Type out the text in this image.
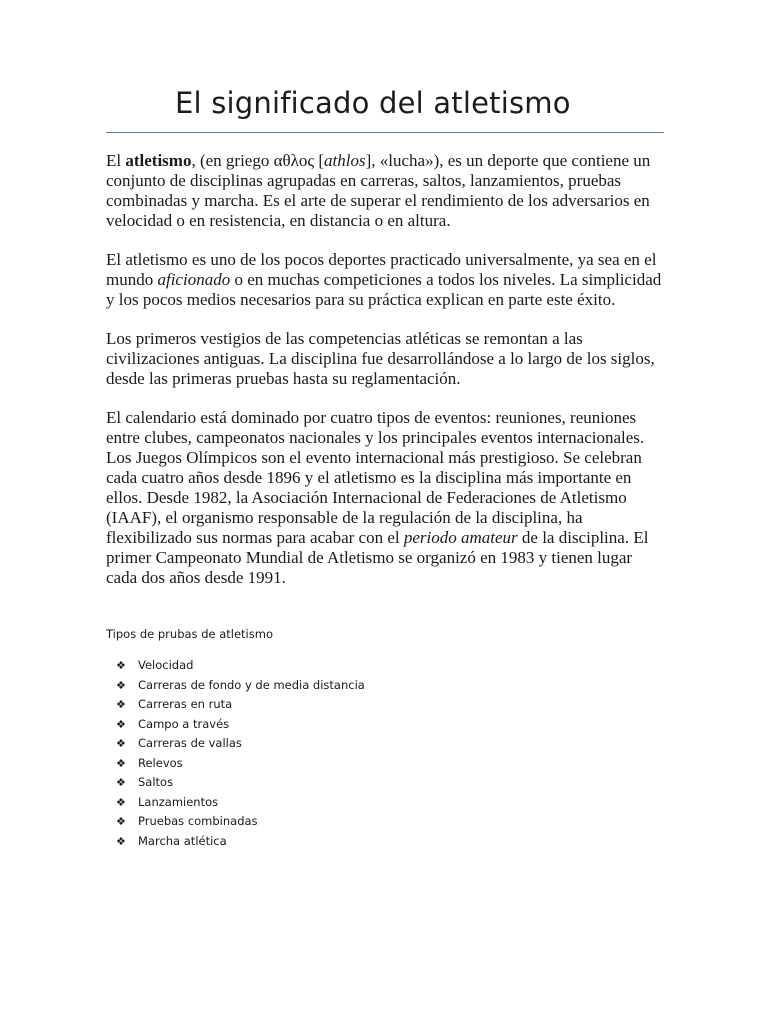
El significado del atletismo

El atletismo, (en griego αθλος [athlos], «lucha»), es un deporte que contiene un conjunto de disciplinas agrupadas en carreras, saltos, lanzamientos, pruebas combinadas y marcha. Es el arte de superar el rendimiento de los adversarios en velocidad o en resistencia, en distancia o en altura.

El atletismo es uno de los pocos deportes practicado universalmente, ya sea en el mundo aficionado o en muchas competiciones a todos los niveles. La simplicidad y los pocos medios necesarios para su práctica explican en parte este éxito.

Los primeros vestigios de las competencias atléticas se remontan a las civilizaciones antiguas. La disciplina fue desarrollándose a lo largo de los siglos, desde las primeras pruebas hasta su reglamentación.

El calendario está dominado por cuatro tipos de eventos: reuniones, reuniones entre clubes, campeonatos nacionales y los principales eventos internacionales. Los Juegos Olímpicos son el evento internacional más prestigioso. Se celebran cada cuatro años desde 1896 y el atletismo es la disciplina más importante en ellos. Desde 1982, la Asociación Internacional de Federaciones de Atletismo (IAAF), el organismo responsable de la regulación de la disciplina, ha flexibilizado sus normas para acabar con el periodo amateur de la disciplina. El primer Campeonato Mundial de Atletismo se organizó en 1983 y tienen lugar cada dos años desde 1991.

Tipos de prubas de atletismo

❖ Velocidad
❖ Carreras de fondo y de media distancia
❖ Carreras en ruta
❖ Campo a través
❖ Carreras de vallas
❖ Relevos
❖ Saltos
❖ Lanzamientos
❖ Pruebas combinadas
❖ Marcha atlética
